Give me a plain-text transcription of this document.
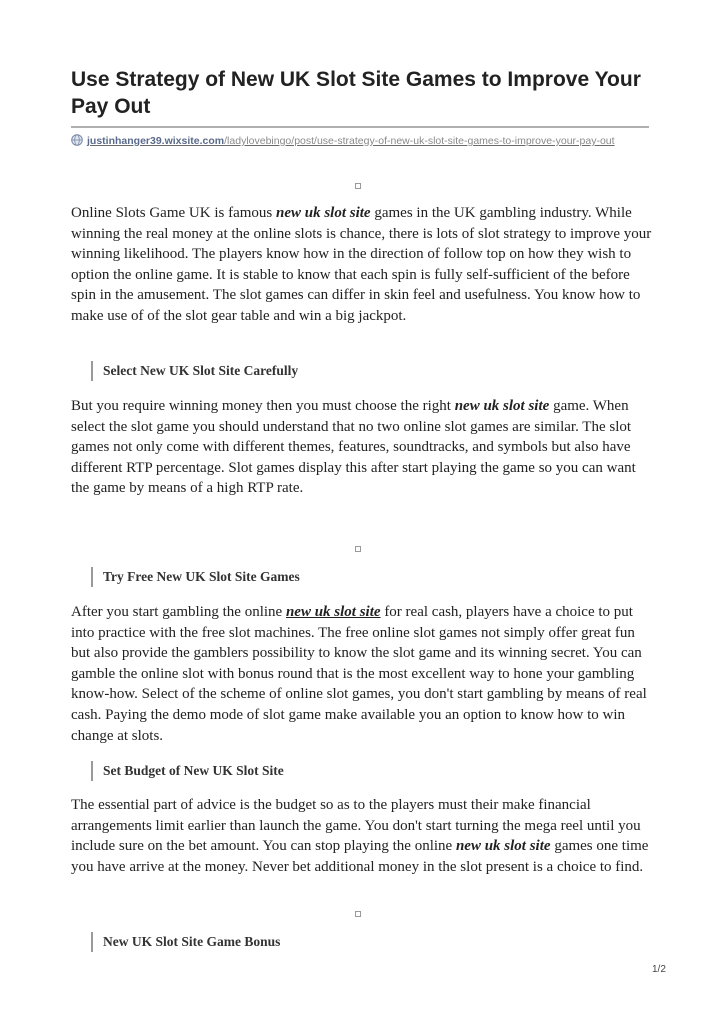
Use Strategy of New UK Slot Site Games to Improve Your Pay Out
justinhanger39.wixsite.com/ladylovebingo/post/use-strategy-of-new-uk-slot-site-games-to-improve-your-pay-out

Online Slots Game UK is famous new uk slot site games in the UK gambling industry. While winning the real money at the online slots is chance, there is lots of slot strategy to improve your winning likelihood. The players know how in the direction of follow top on how they wish to option the online game. It is stable to know that each spin is fully self-sufficient of the before spin in the amusement. The slot games can differ in skin feel and usefulness. You know how to make use of of the slot gear table and win a big jackpot.

Select New UK Slot Site Carefully

But you require winning money then you must choose the right new uk slot site game. When select the slot game you should understand that no two online slot games are similar. The slot games not only come with different themes, features, soundtracks, and symbols but also have different RTP percentage. Slot games display this after start playing the game so you can want the game by means of a high RTP rate.

Try Free New UK Slot Site Games

After you start gambling the online new uk slot site for real cash, players have a choice to put into practice with the free slot machines. The free online slot games not simply offer great fun but also provide the gamblers possibility to know the slot game and its winning secret. You can gamble the online slot with bonus round that is the most excellent way to hone your gambling know-how. Select of the scheme of online slot games, you don't start gambling by means of real cash. Paying the demo mode of slot game make available you an option to know how to win change at slots.

Set Budget of New UK Slot Site

The essential part of advice is the budget so as to the players must their make financial arrangements limit earlier than launch the game. You don't start turning the mega reel until you include sure on the bet amount. You can stop playing the online new uk slot site games one time you have arrive at the money. Never bet additional money in the slot present is a choice to find.

New UK Slot Site Game Bonus
1/2
